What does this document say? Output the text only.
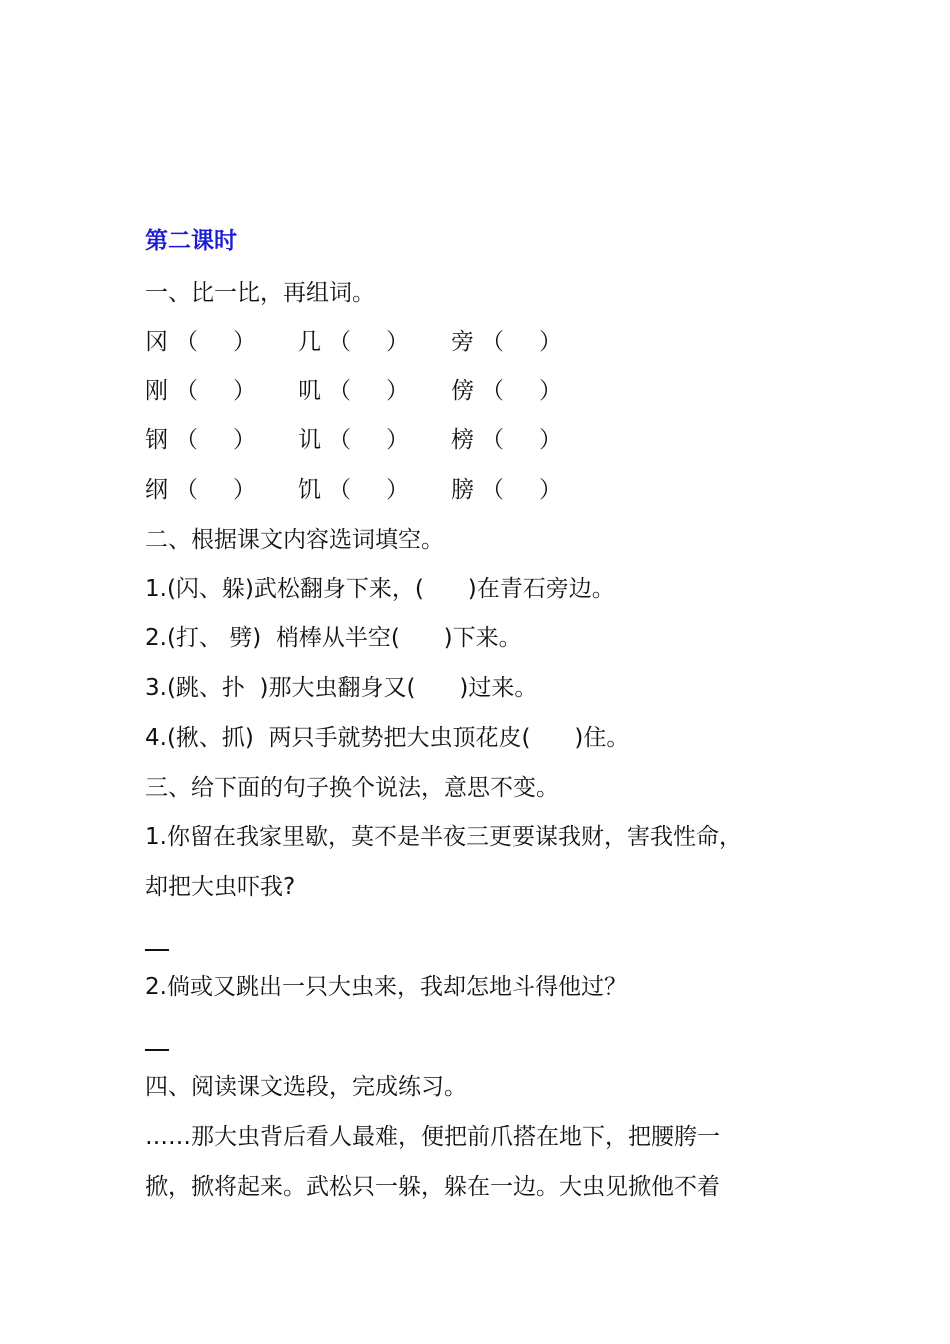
第二课时
一、比一比，再组词。
冈 （ ） 几 （ ） 旁 （ ）
刚 （ ） 叽 （ ） 傍 （ ）
钢 （ ） 讥 （ ） 榜 （ ）
纲 （ ） 饥 （ ） 膀 （ ）
二、根据课文内容选词填空。
1.(闪、躲)武松翻身下来，(      )在青石旁边。
2.(打、 劈)  梢棒从半空(      )下来。
3.(跳、扑  )那大虫翻身又(      )过来。
4.(揪、抓)  两只手就势把大虫顶花皮(      )住。
三、给下面的句子换个说法，意思不变。
1.你留在我家里歇，莫不是半夜三更要谋我财，害我性命，
却把大虫吓我?
2.倘或又跳出一只大虫来，我却怎地斗得他过？
四、阅读课文选段，完成练习。
……那大虫背后看人最难，便把前爪搭在地下，把腰胯一
掀，掀将起来。武松只一躲，躲在一边。大虫见掀他不着
